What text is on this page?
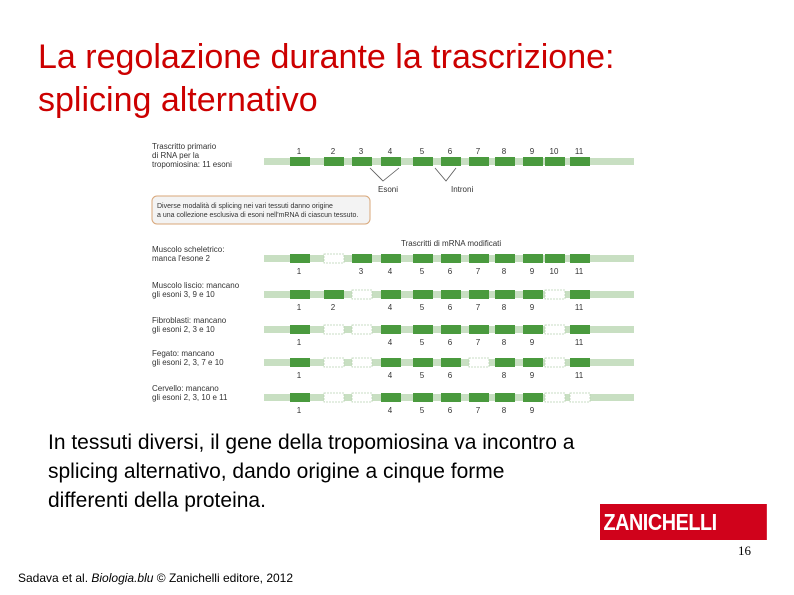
La regolazione durante la trascrizione:
splicing alternativo
Trascritto primario
di RNA per la
tropomiosina: 11 esoni
1	2	3	4	5	6	7	8	9 10 11
Esoni	Introni
Diverse modalità di splicing nei vari tessuti danno origine
a una collezione esclusiva di esoni nell'mRNA di ciascun tessuto.
Trascritti di mRNA modificati
Muscolo scheletrico:
manca l'esone 2
1	3	4	5	6	7	8	9 10 11
Muscolo liscio: mancano
gli esoni 3, 9 e 10
1	2	4	5	6	7	8	9	11
Fibroblasti: mancano
gli esoni 2, 3 e 10
1	4	5	6	7	8	9	11
Fegato: mancano
gli esoni 2, 3, 7 e 10
1	4	5	6	8	9	11
Cervello: mancano
gli esoni 2, 3, 10 e 11
1	4	5	6	7	8	9
In tessuti diversi, il gene della tropomiosina va incontro a
splicing alternativo, dando origine a cinque forme
differenti della proteina.
ZANICHELLI
16
Sadava et al. Biologia.blu © Zanichelli editore, 2012
